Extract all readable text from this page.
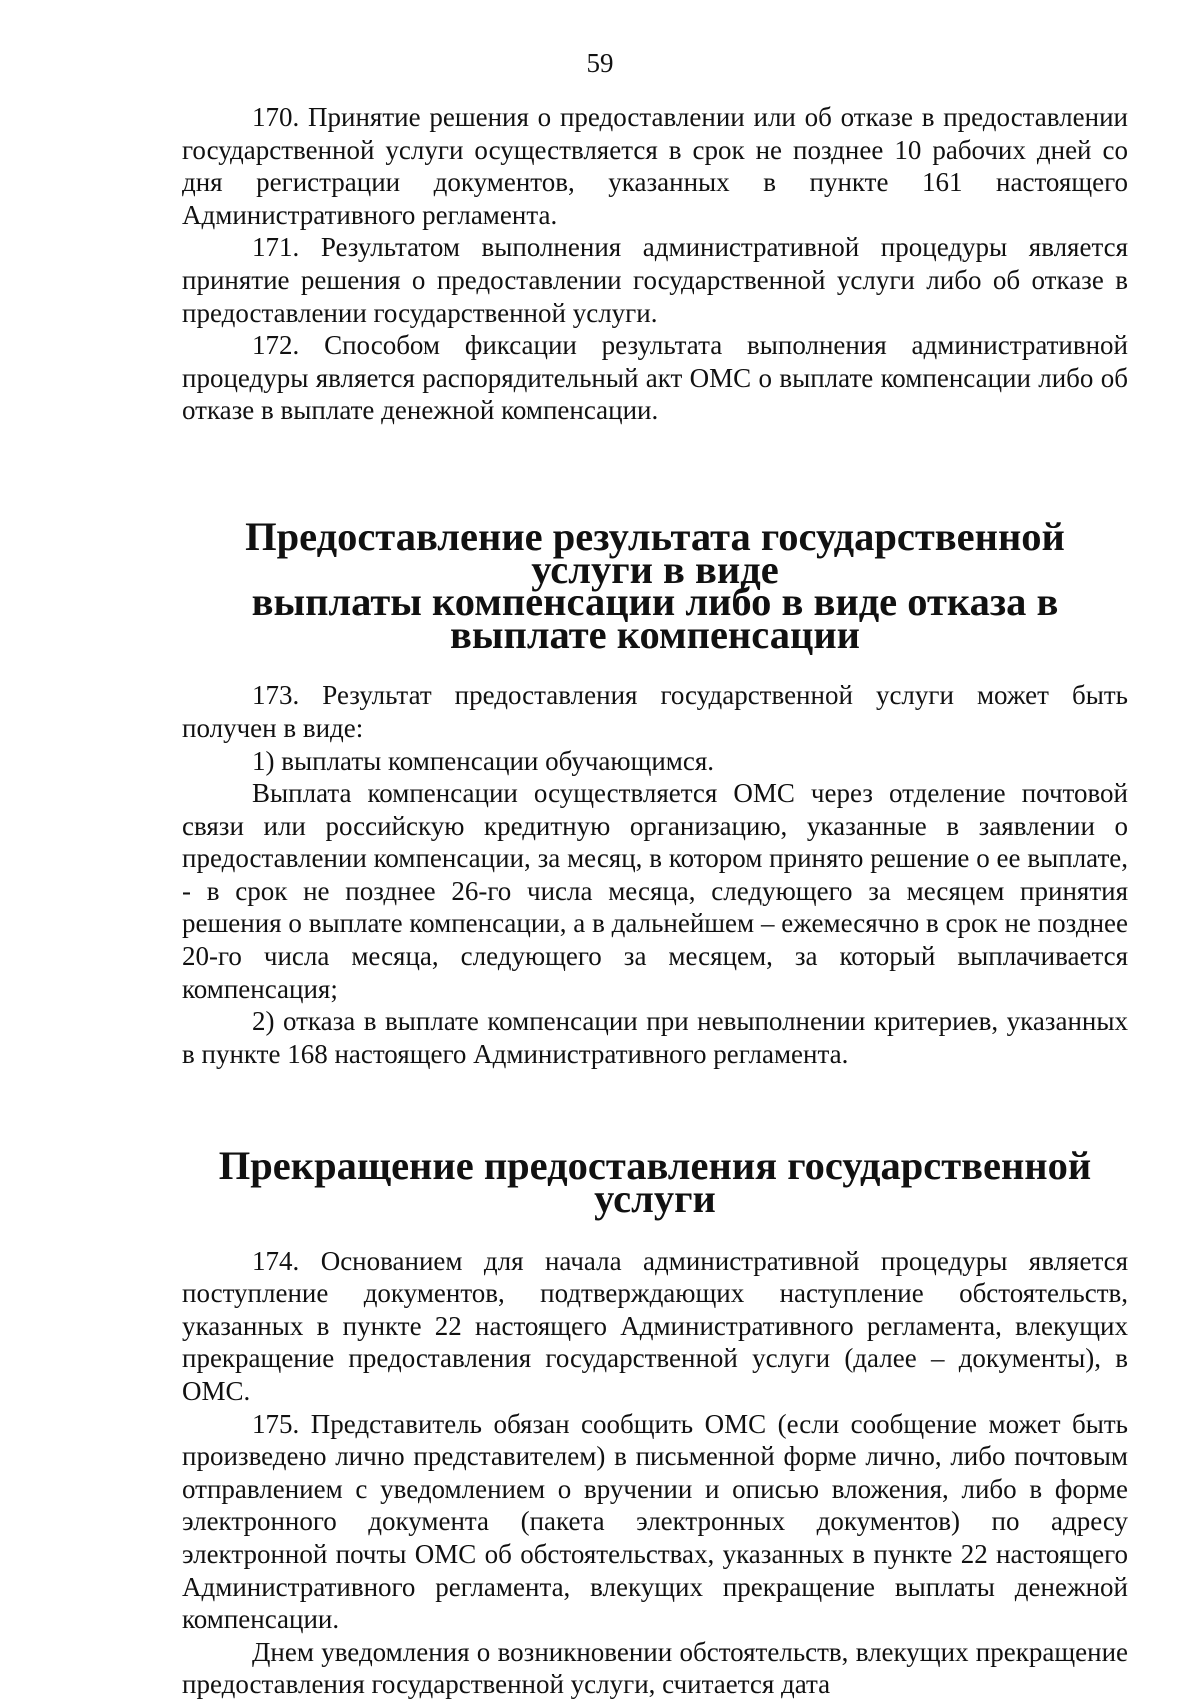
59

170. Принятие решения о предоставлении или об отказе в предоставлении государственной услуги осуществляется в срок не позднее 10 рабочих дней со дня регистрации документов, указанных в пункте 161 настоящего Административного регламента.

171. Результатом выполнения административной процедуры является принятие решения о предоставлении государственной услуги либо об отказе в предоставлении государственной услуги.

172. Способом фиксации результата выполнения административной процедуры является распорядительный акт ОМС о выплате компенсации либо об отказе в выплате денежной компенсации.

Предоставление результата государственной услуги в виде
выплаты компенсации либо в виде отказа в выплате компенсации

173. Результат предоставления государственной услуги может быть получен в виде:

1) выплаты компенсации обучающимся.

Выплата компенсации осуществляется ОМС через отделение почтовой связи или российскую кредитную организацию, указанные в заявлении о предоставлении компенсации, за месяц, в котором принято решение о ее выплате, - в срок не позднее 26-го числа месяца, следующего за месяцем принятия решения о выплате компенсации, а в дальнейшем – ежемесячно в срок не позднее 20-го числа месяца, следующего за месяцем, за который выплачивается компенсация;

2) отказа в выплате компенсации при невыполнении критериев, указанных в пункте 168 настоящего Административного регламента.

Прекращение предоставления государственной услуги

174. Основанием для начала административной процедуры является поступление документов, подтверждающих наступление обстоятельств, указанных в пункте 22 настоящего Административного регламента, влекущих прекращение предоставления государственной услуги (далее – документы), в ОМС.

175. Представитель обязан сообщить ОМС (если сообщение может быть произведено лично представителем) в письменной форме лично, либо почтовым отправлением с уведомлением о вручении и описью вложения, либо в форме электронного документа (пакета электронных документов) по адресу электронной почты ОМС об обстоятельствах, указанных в пункте 22 настоящего Административного регламента, влекущих прекращение выплаты денежной компенсации.

Днем уведомления о возникновении обстоятельств, влекущих прекращение предоставления государственной услуги, считается дата
